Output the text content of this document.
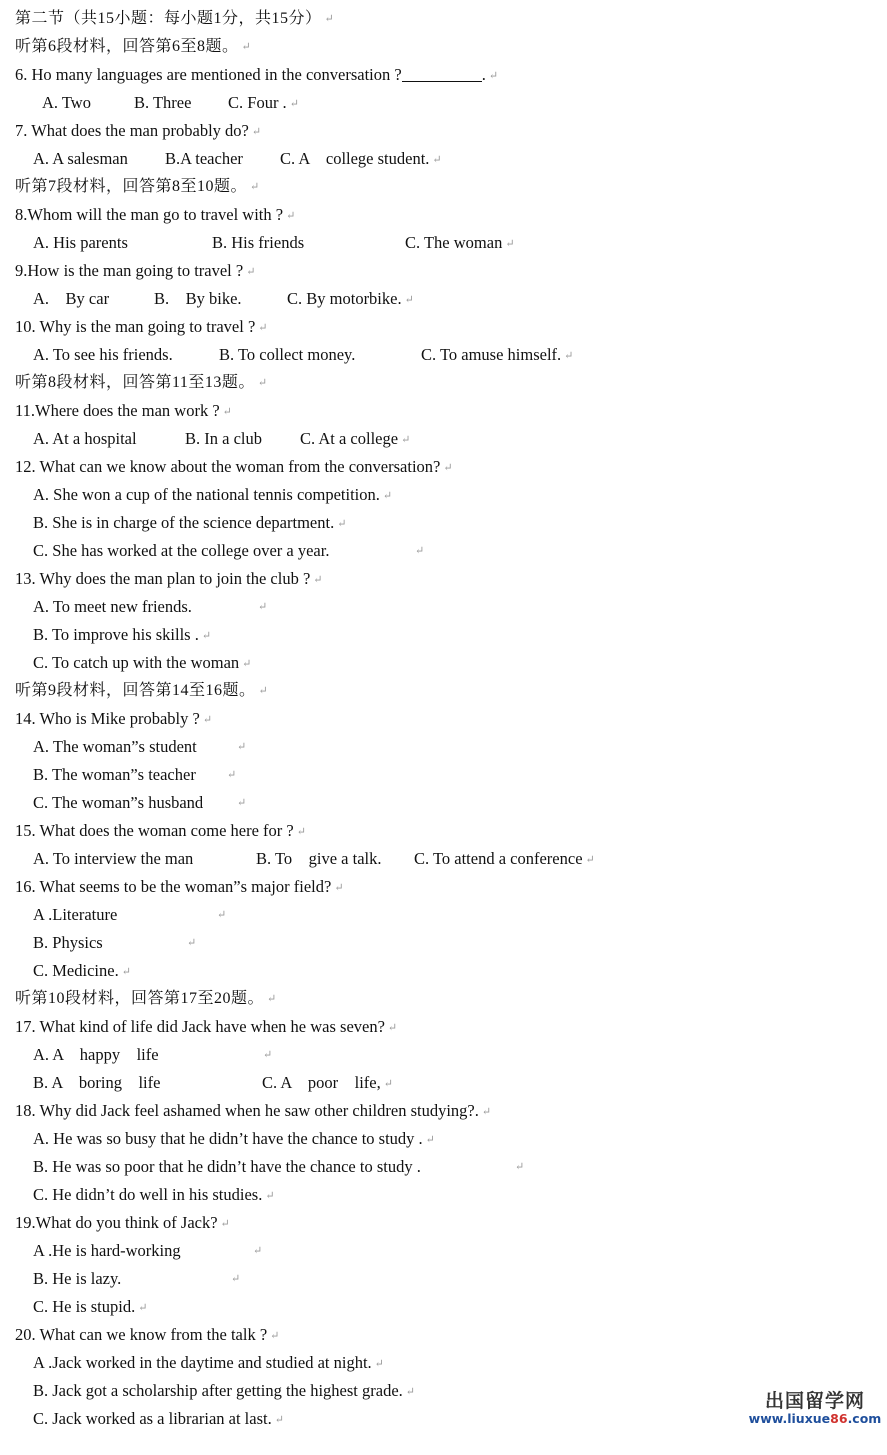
第二节（共15小题：每小题1分，共15分） ↵

听第6段材料，回答第6至8题。 ↵

6. Ho many languages are mentioned in the conversation ?	. ↵

A. Two

	B. Three

C. Four . ↵

7. What does the man probably do? ↵

A. A salesman

B.A teacher

C. A    college student. ↵

听第7段材料，回答第8至10题。 ↵

8.Whom will the man go to travel with ? ↵

A. His parents

	B. His friends

	C. The woman ↵

9.How is the man going to travel ? ↵

A. By car

	B. By bike.

	C. By motorbike. ↵

10. Why is the man going to travel ? ↵

A. To see his friends.

	B. To collect money.

	C. To amuse himself. ↵

听第8段材料，回答第11至13题。 ↵

11.Where does the man work ? ↵

A. At a hospital

	B. In a club

C. At a college ↵

12. What can we know about the woman from the conversation? ↵

A. She won a cup of the national tennis competition. ↵

B. She is in charge of the science department. ↵

C. She has worked at the college over a year.

	↵

13. Why does the man plan to join the club ? ↵

A. To meet new friends.

	↵

B. To improve his skills . ↵

C. To catch up with the woman ↵

听第9段材料，回答第14至16题。 ↵

14. Who is Mike probably ? ↵

A. The woman”s student

	↵

B. The woman”s teacher

	↵

C. The woman”s husband

	↵

15. What does the woman come here for ? ↵

A. To interview the man

	B. To    give a talk.

C. To attend a conference ↵

16. What seems to be the woman”s major field? ↵

A .Literature

	↵

B. Physics

	↵

C. Medicine. ↵

听第10段材料，回答第17至20题。 ↵

17. What kind of life did Jack have when he was seven? ↵

A. A    happy    life

	↵

B. A    boring    life

	C. A    poor    life, ↵

18. Why did Jack feel ashamed when he saw other children studying?. ↵

A. He was so busy that he didn’t have the chance to study . ↵

B. He was so poor that he didn’t have the chance to study .

	↵

C. He didn’t do well in his studies. ↵

19.What do you think of Jack? ↵

A .He is hard-working

	↵

B. He is lazy.

	↵

C. He is stupid. ↵

20. What can we know from the talk ? ↵

A .Jack worked in the daytime and studied at night. ↵

B. Jack got a scholarship after getting the highest grade. ↵

C. Jack worked as a librarian at last. ↵

出国留学网
www.liuxue86.com
